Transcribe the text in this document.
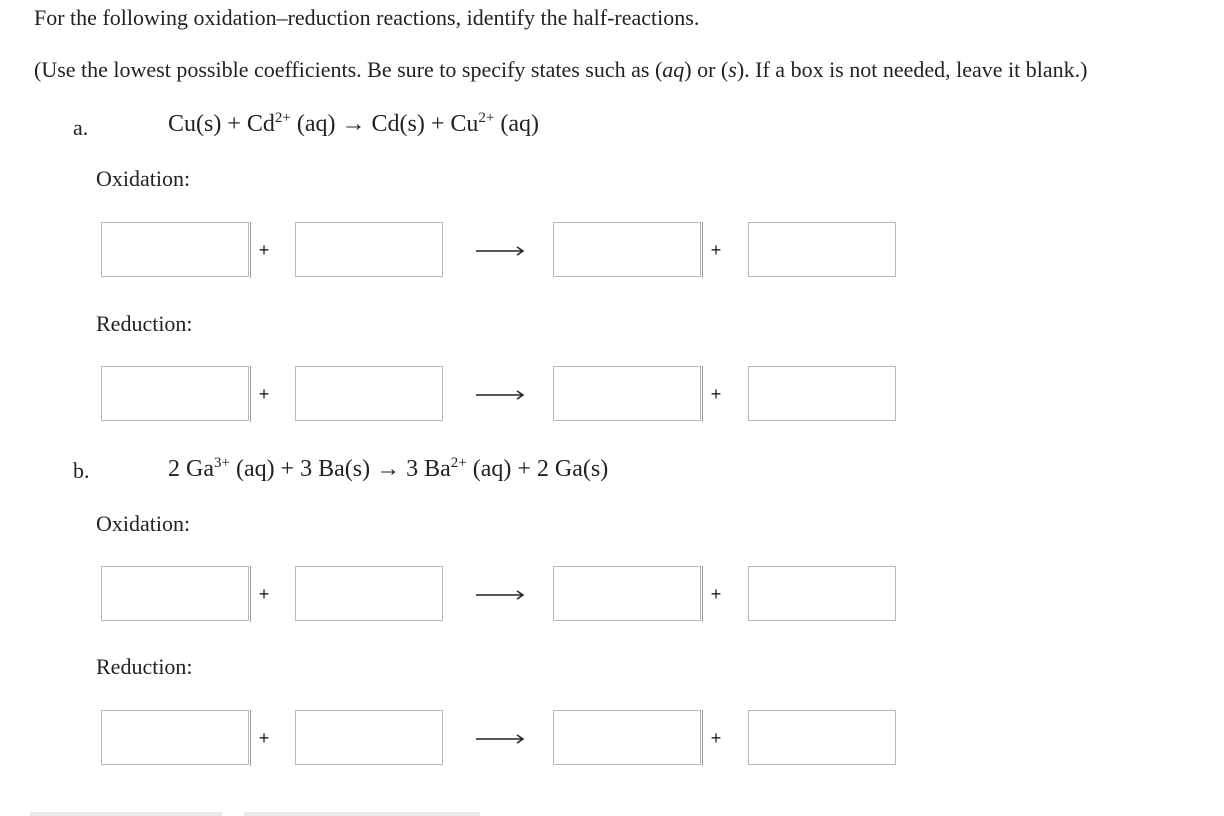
For the following oxidation–reduction reactions, identify the half-reactions.
(Use the lowest possible coefficients. Be sure to specify states such as (aq) or (s). If a box is not needed, leave it blank.)
a.	$Cu(s) + Cd^{2+}$ $(aq) \to Cd(s) + Cu^{2+}$ (aq)
Oxidation:
+	+
Reduction:
+	+
b.	2 $Ga^{3+}$ (aq) + 3 Ba(s) → 3 $Ba^{2+}$ (aq) + 2 Ga(s)
Oxidation:
+	+
Reduction:
+	+
